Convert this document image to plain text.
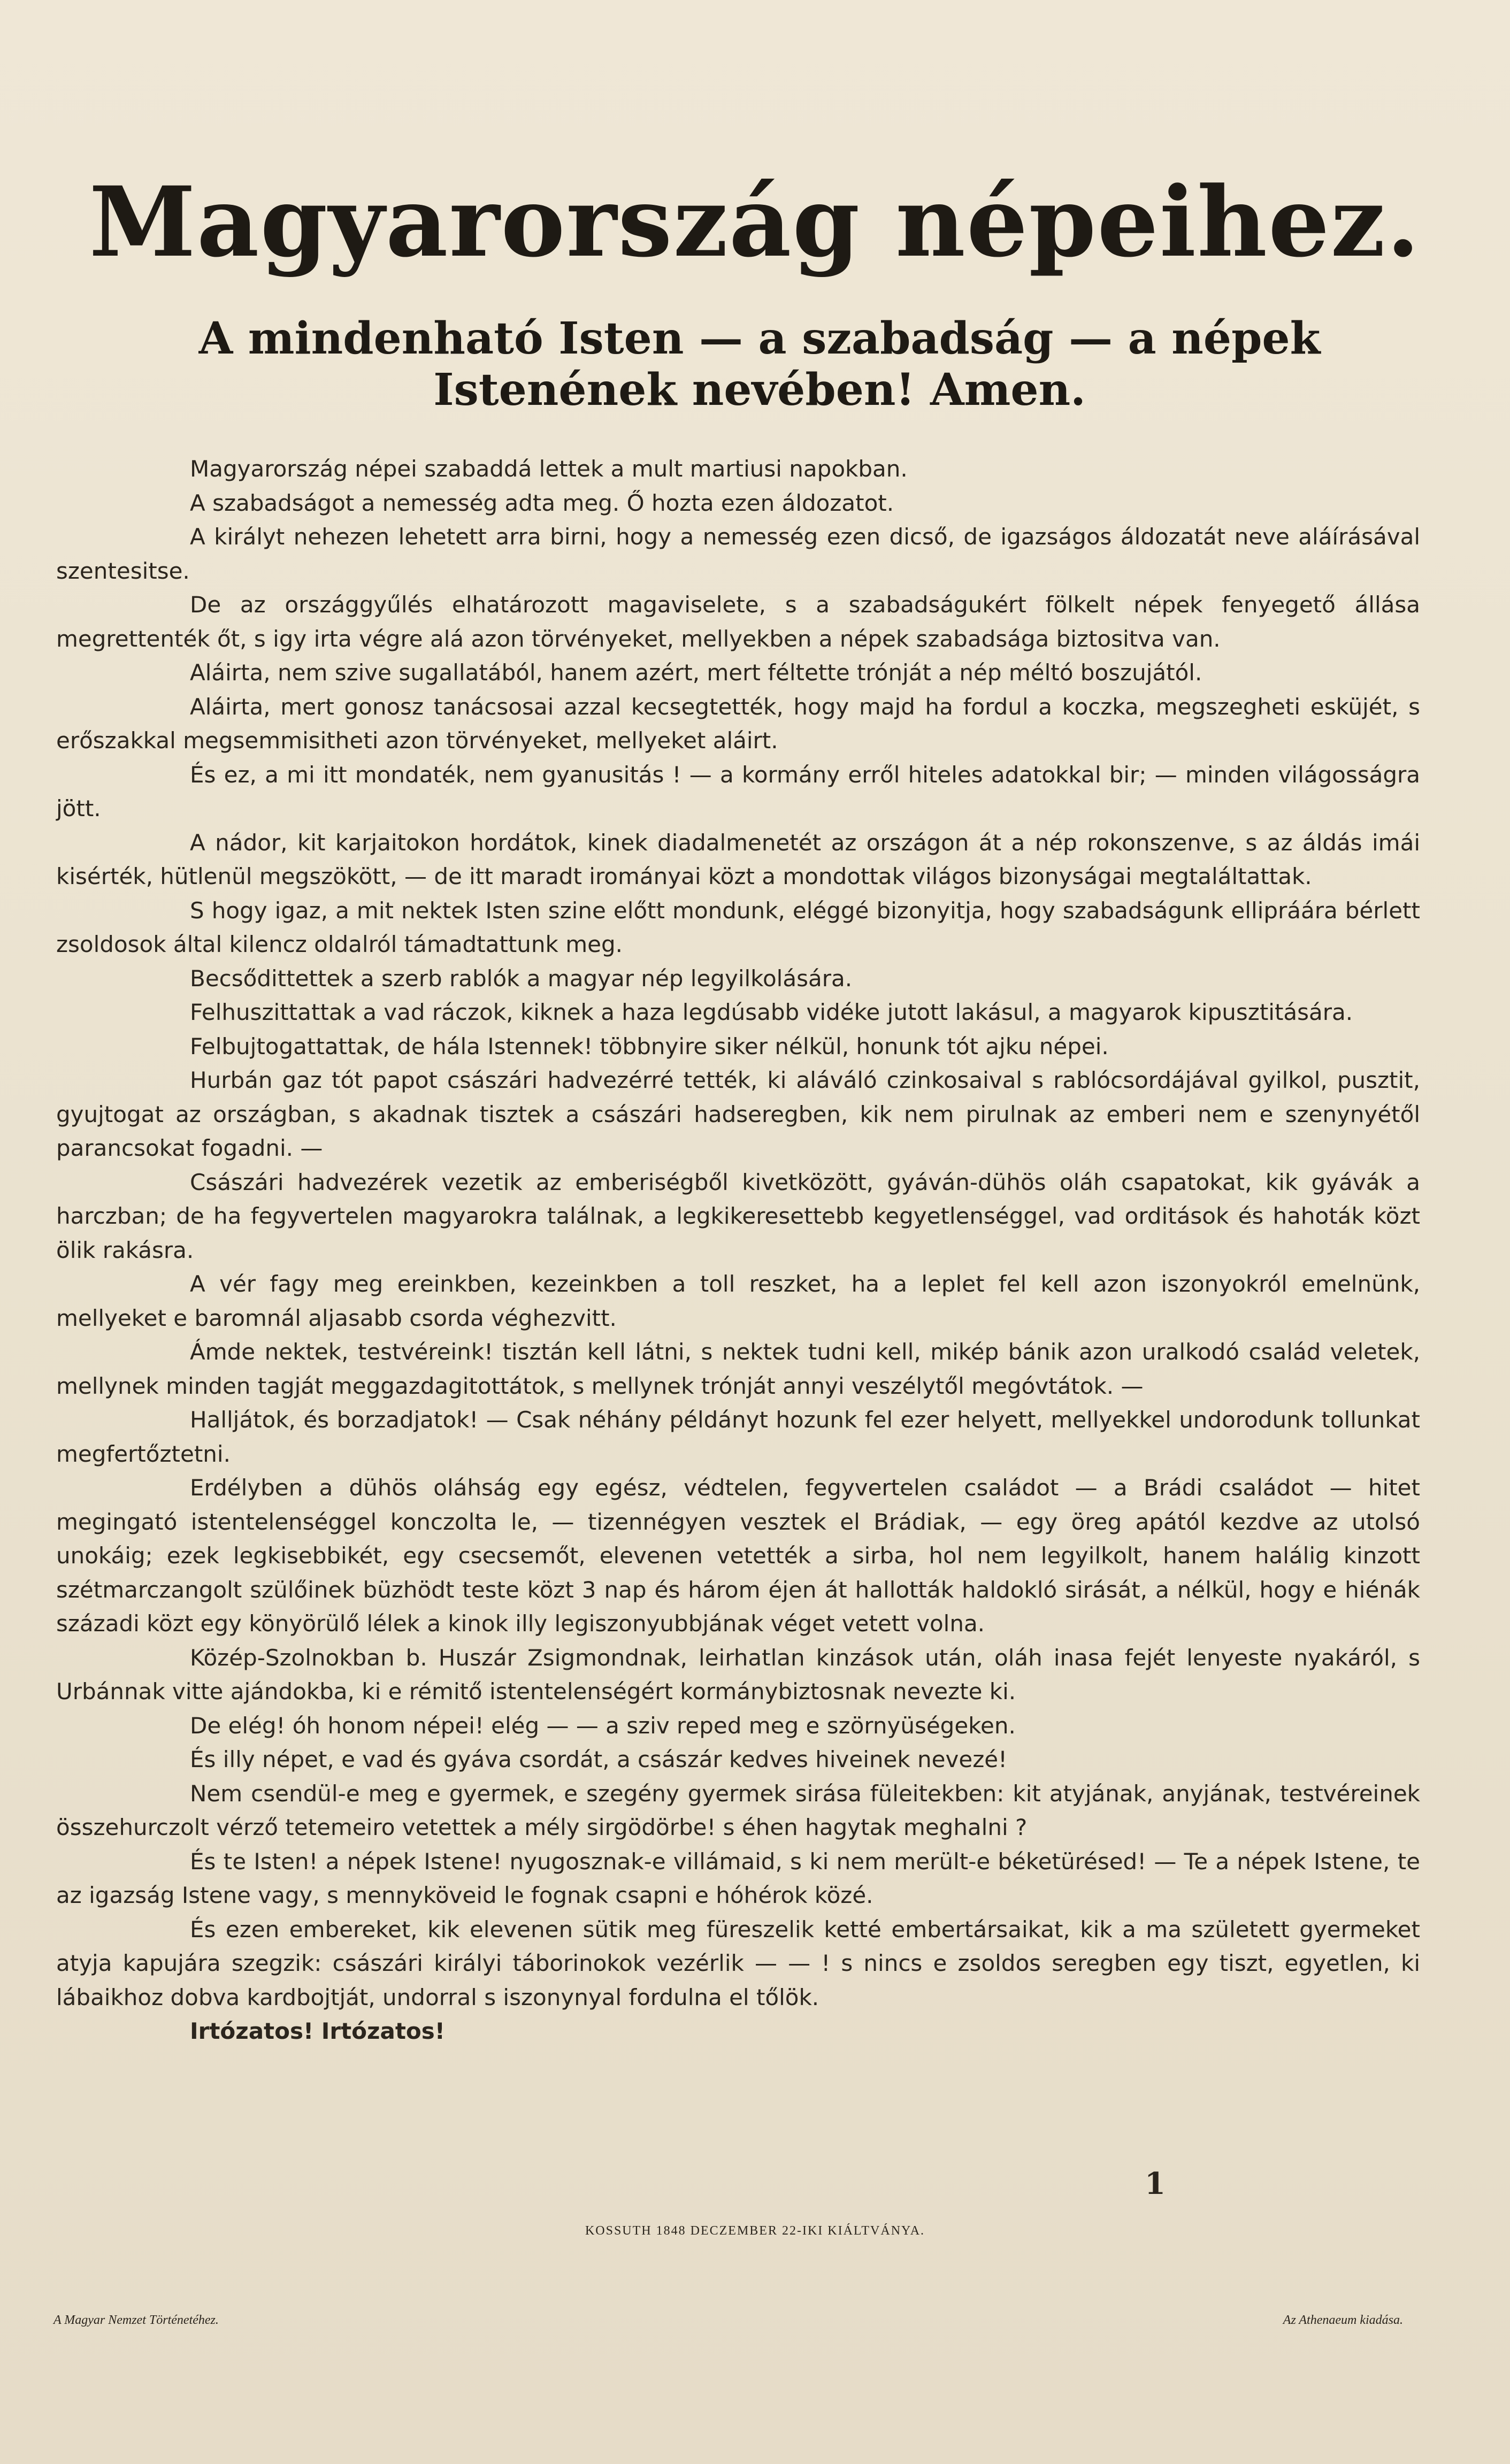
Magyarország népeihez.
A mindenható Isten — a szabadság — a népek Istenének nevében! Amen.

Magyarország népei szabaddá lettek a mult martiusi napokban.

A szabadságot a nemesség adta meg. Ő hozta ezen áldozatot.

A királyt nehezen lehetett arra birni, hogy a nemesség ezen dicső, de igazságos áldozatát neve aláírásával szentesitse.

De az országgyűlés elhatározott magaviselete, s a szabadságukért fölkelt népek fenyegető állása megrettenték őt, s igy irta végre alá azon törvényeket, mellyekben a népek szabadsága biztositva van.

Aláirta, nem szive sugallatából, hanem azért, mert féltette trónját a nép méltó boszujától.

Aláirta, mert gonosz tanácsosai azzal kecsegtették, hogy majd ha fordul a koczka, megszegheti esküjét, s erőszakkal megsemmisitheti azon törvényeket, mellyeket aláirt.

És ez, a mi itt mondaték, nem gyanusitás ! — a kormány erről hiteles adatokkal bir; — minden világosságra jött.

A nádor, kit karjaitokon hordátok, kinek diadalmenetét az országon át a nép rokonszenve, s az áldás imái kisérték, hütlenül megszökött, — de itt maradt irományai közt a mondottak világos bizonyságai megtaláltattak.

S hogy igaz, a mit nektek Isten szine előtt mondunk, eléggé bizonyitja, hogy szabadságunk ellipráára bérlett zsoldosok által kilencz oldalról támadtattunk meg.

Becsődittettek a szerb rablók a magyar nép legyilkolására.

Felhuszittattak a vad ráczok, kiknek a haza legdúsabb vidéke jutott lakásul, a magyarok kipusztitására.

Felbujtogattattak, de hála Istennek! többnyire siker nélkül, honunk tót ajku népei.

Hurbán gaz tót papot császári hadvezérré tették, ki aláváló czinkosaival s rablócsordájával gyilkol, pusztit, gyujtogat az országban, s akadnak tisztek a császári hadseregben, kik nem pirulnak az emberi nem e szenynyétől parancsokat fogadni. —

Császári hadvezérek vezetik az emberiségből kivetközött, gyáván-dühös oláh csapatokat, kik gyávák a harczban; de ha fegyvertelen magyarokra találnak, a legkikeresettebb kegyetlenséggel, vad orditások és hahoták közt ölik rakásra.

A vér fagy meg ereinkben, kezeinkben a toll reszket, ha a leplet fel kell azon iszonyokról emelnünk, mellyeket e baromnál aljasabb csorda véghezvitt.

Ámde nektek, testvéreink! tisztán kell látni, s nektek tudni kell, mikép bánik azon uralkodó család veletek, mellynek minden tagját meggazdagitottátok, s mellynek trónját annyi veszélytől megóvtátok. —

Halljátok, és borzadjatok! — Csak néhány példányt hozunk fel ezer helyett, mellyekkel undorodunk tollunkat megfertőztetni.

Erdélyben a dühös oláhság egy egész, védtelen, fegyvertelen családot — a Brádi családot — hitet megingató istentelenséggel konczolta le, — tizennégyen vesztek el Brádiak, — egy öreg apától kezdve az utolsó unokáig; ezek legkisebbikét, egy csecsemőt, elevenen vetették a sirba, hol nem legyilkolt, hanem halálig kinzott szétmarczangolt szülőinek büzhödt teste közt 3 nap és három éjen át hallották haldokló sirását, a nélkül, hogy e hiénák századi közt egy könyörülő lélek a kinok illy legiszonyubbjának véget vetett volna.

Közép-Szolnokban b. Huszár Zsigmondnak, leirhatlan kinzások után, oláh inasa fejét lenyeste nyakáról, s Urbánnak vitte ajándokba, ki e rémitő istentelenségért kormánybiztosnak nevezte ki.

De elég! óh honom népei! elég — — a sziv reped meg e szörnyüségeken.

És illy népet, e vad és gyáva csordát, a császár kedves hiveinek nevezé!

Nem csendül-e meg e gyermek, e szegény gyermek sirása füleitekben: kit atyjának, anyjának, testvéreinek összehurczolt vérző tetemeiro vetettek a mély sirgödörbe! s éhen hagytak meghalni ?

És te Isten! a népek Istene! nyugosznak-e villámaid, s ki nem merült-e béketürésed! — Te a népek Istene, te az igazság Istene vagy, s mennyköveid le fognak csapni e hóhérok közé.

És ezen embereket, kik elevenen sütik meg füreszelik ketté embertársaikat, kik a ma született gyermeket atyja kapujára szegzik: császári királyi táborinokok vezérlik — — ! s nincs e zsoldos seregben egy tiszt, egyetlen, ki lábaikhoz dobva kardbojtját, undorral s iszonynyal fordulna el tőlök.

Irtózatos! Irtózatos!

1
KOSSUTH 1848 DECZEMBER 22-IKI KIÁLTVÁNYA.
A Magyar Nemzet Történetéhez.	Az Athenaeum kiadása.
